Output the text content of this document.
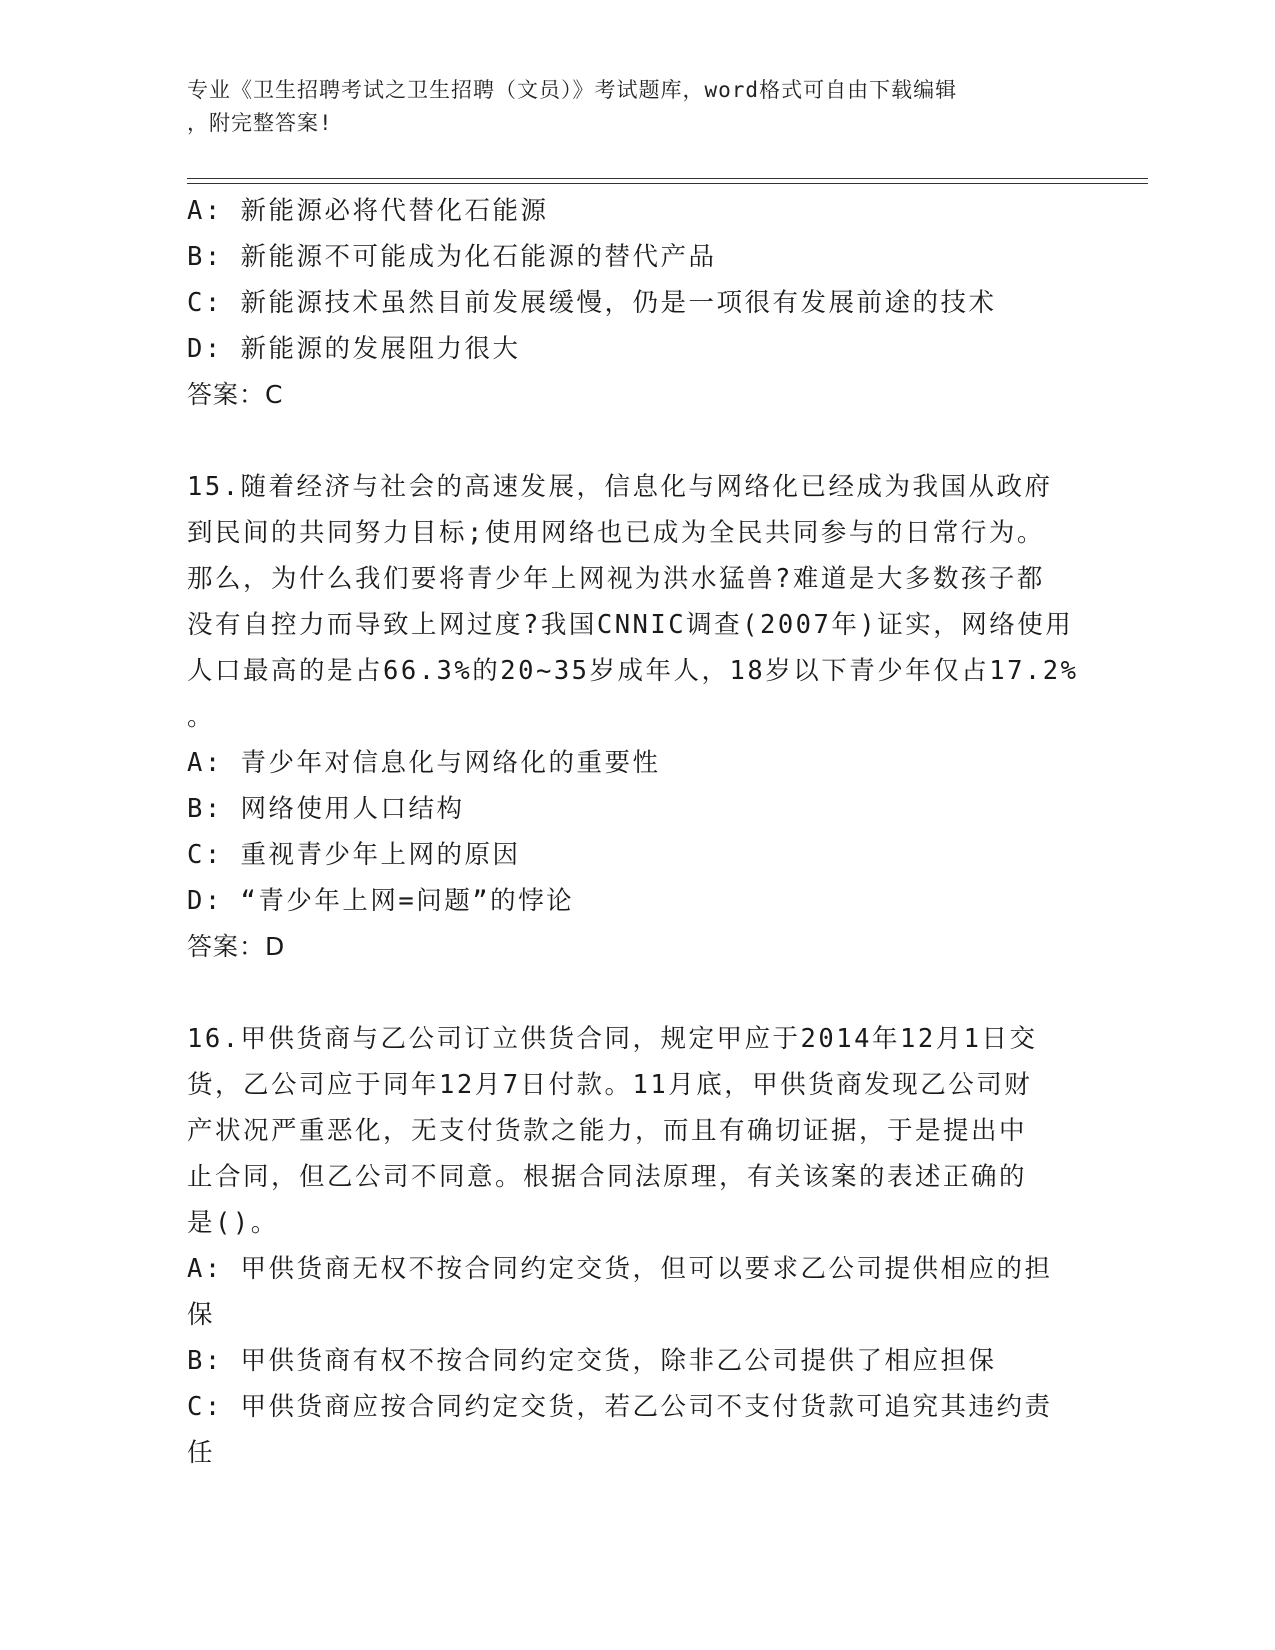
专业《卫生招聘考试之卫生招聘（文员）》考试题库，word格式可自由下载编辑
，附完整答案!
A: 新能源必将代替化石能源
B: 新能源不可能成为化石能源的替代产品
C: 新能源技术虽然目前发展缓慢，仍是一项很有发展前途的技术
D: 新能源的发展阻力很大
答案：C
15.随着经济与社会的高速发展，信息化与网络化已经成为我国从政府
到民间的共同努力目标;使用网络也已成为全民共同参与的日常行为。
那么，为什么我们要将青少年上网视为洪水猛兽?难道是大多数孩子都
没有自控力而导致上网过度?我国CNNIC调查(2007年)证实，网络使用
人口最高的是占66.3%的20~35岁成年人，18岁以下青少年仅占17.2%
。
A: 青少年对信息化与网络化的重要性
B: 网络使用人口结构
C: 重视青少年上网的原因
D: “青少年上网=问题”的悖论
答案：D
16.甲供货商与乙公司订立供货合同，规定甲应于2014年12月1日交
货，乙公司应于同年12月7日付款。11月底，甲供货商发现乙公司财
产状况严重恶化，无支付货款之能力，而且有确切证据，于是提出中
止合同，但乙公司不同意。根据合同法原理，有关该案的表述正确的
是()。
A: 甲供货商无权不按合同约定交货，但可以要求乙公司提供相应的担
保
B: 甲供货商有权不按合同约定交货，除非乙公司提供了相应担保
C: 甲供货商应按合同约定交货，若乙公司不支付货款可追究其违约责
任
